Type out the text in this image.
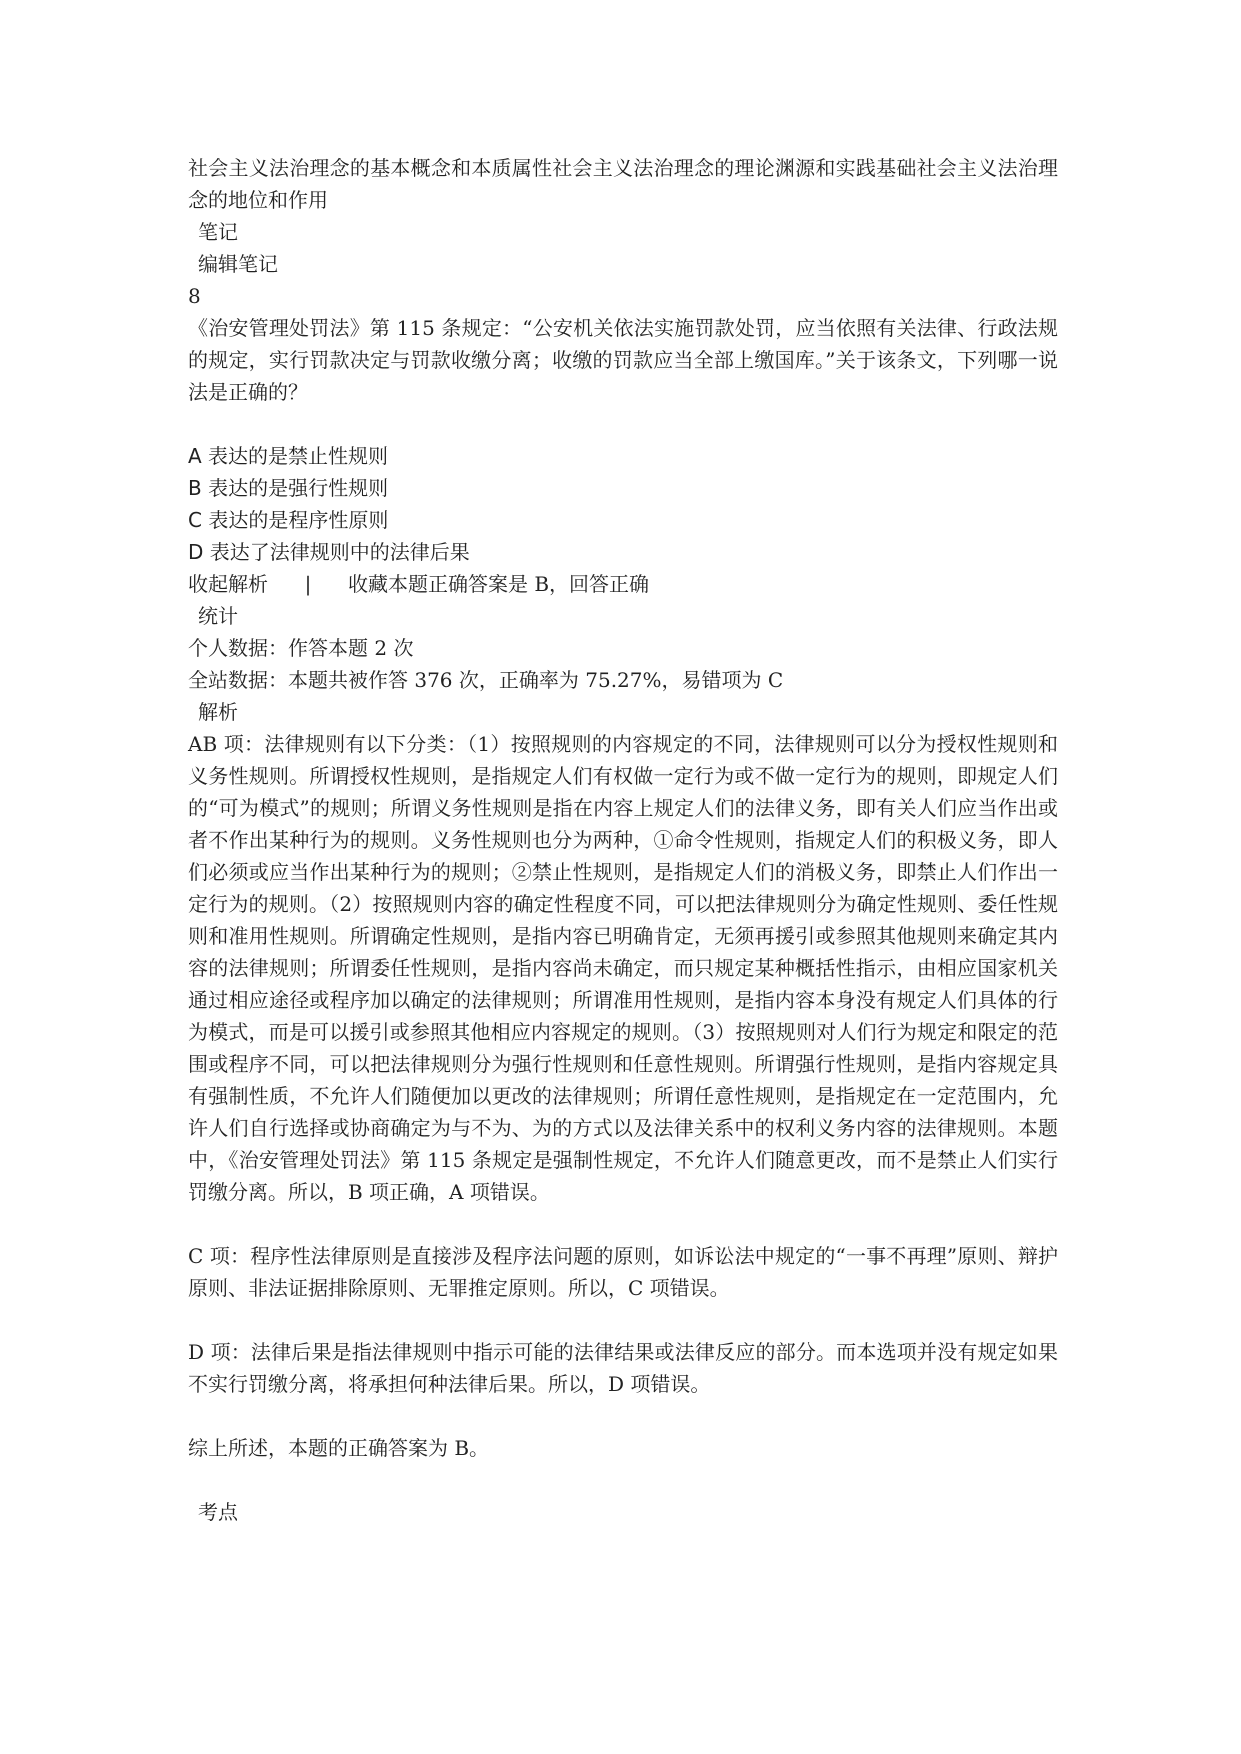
社会主义法治理念的基本概念和本质属性社会主义法治理念的理论渊源和实践基础社会主义法治理念的地位和作用

笔记

编辑笔记

8

《治安管理处罚法》第 115 条规定：“公安机关依法实施罚款处罚，应当依照有关法律、行政法规的规定，实行罚款决定与罚款收缴分离；收缴的罚款应当全部上缴国库。”关于该条文，下列哪一说法是正确的？

A 表达的是禁止性规则

B 表达的是强行性规则

C 表达的是程序性原则

D 表达了法律规则中的法律后果

收起解析 | 收藏本题正确答案是 B，回答正确

统计

个人数据：作答本题 2 次

全站数据：本题共被作答 376 次，正确率为 75.27%，易错项为 C

解析

AB 项：法律规则有以下分类：（1）按照规则的内容规定的不同，法律规则可以分为授权性规则和义务性规则。所谓授权性规则，是指规定人们有权做一定行为或不做一定行为的规则，即规定人们的“可为模式”的规则；所谓义务性规则是指在内容上规定人们的法律义务，即有关人们应当作出或者不作出某种行为的规则。义务性规则也分为两种，①命令性规则，指规定人们的积极义务，即人们必须或应当作出某种行为的规则；②禁止性规则，是指规定人们的消极义务，即禁止人们作出一定行为的规则。（2）按照规则内容的确定性程度不同，可以把法律规则分为确定性规则、委任性规则和准用性规则。所谓确定性规则，是指内容已明确肯定，无须再援引或参照其他规则来确定其内容的法律规则；所谓委任性规则，是指内容尚未确定，而只规定某种概括性指示，由相应国家机关通过相应途径或程序加以确定的法律规则；所谓准用性规则，是指内容本身没有规定人们具体的行为模式，而是可以援引或参照其他相应内容规定的规则。（3）按照规则对人们行为规定和限定的范围或程序不同，可以把法律规则分为强行性规则和任意性规则。所谓强行性规则，是指内容规定具有强制性质，不允许人们随便加以更改的法律规则；所谓任意性规则，是指规定在一定范围内，允许人们自行选择或协商确定为与不为、为的方式以及法律关系中的权利义务内容的法律规则。本题中，《治安管理处罚法》第 115 条规定是强制性规定，不允许人们随意更改，而不是禁止人们实行罚缴分离。所以，B 项正确，A 项错误。

C 项：程序性法律原则是直接涉及程序法问题的原则，如诉讼法中规定的“一事不再理”原则、辩护原则、非法证据排除原则、无罪推定原则。所以，C 项错误。

D 项：法律后果是指法律规则中指示可能的法律结果或法律反应的部分。而本选项并没有规定如果不实行罚缴分离，将承担何种法律后果。所以，D 项错误。

综上所述，本题的正确答案为 B。

考点
